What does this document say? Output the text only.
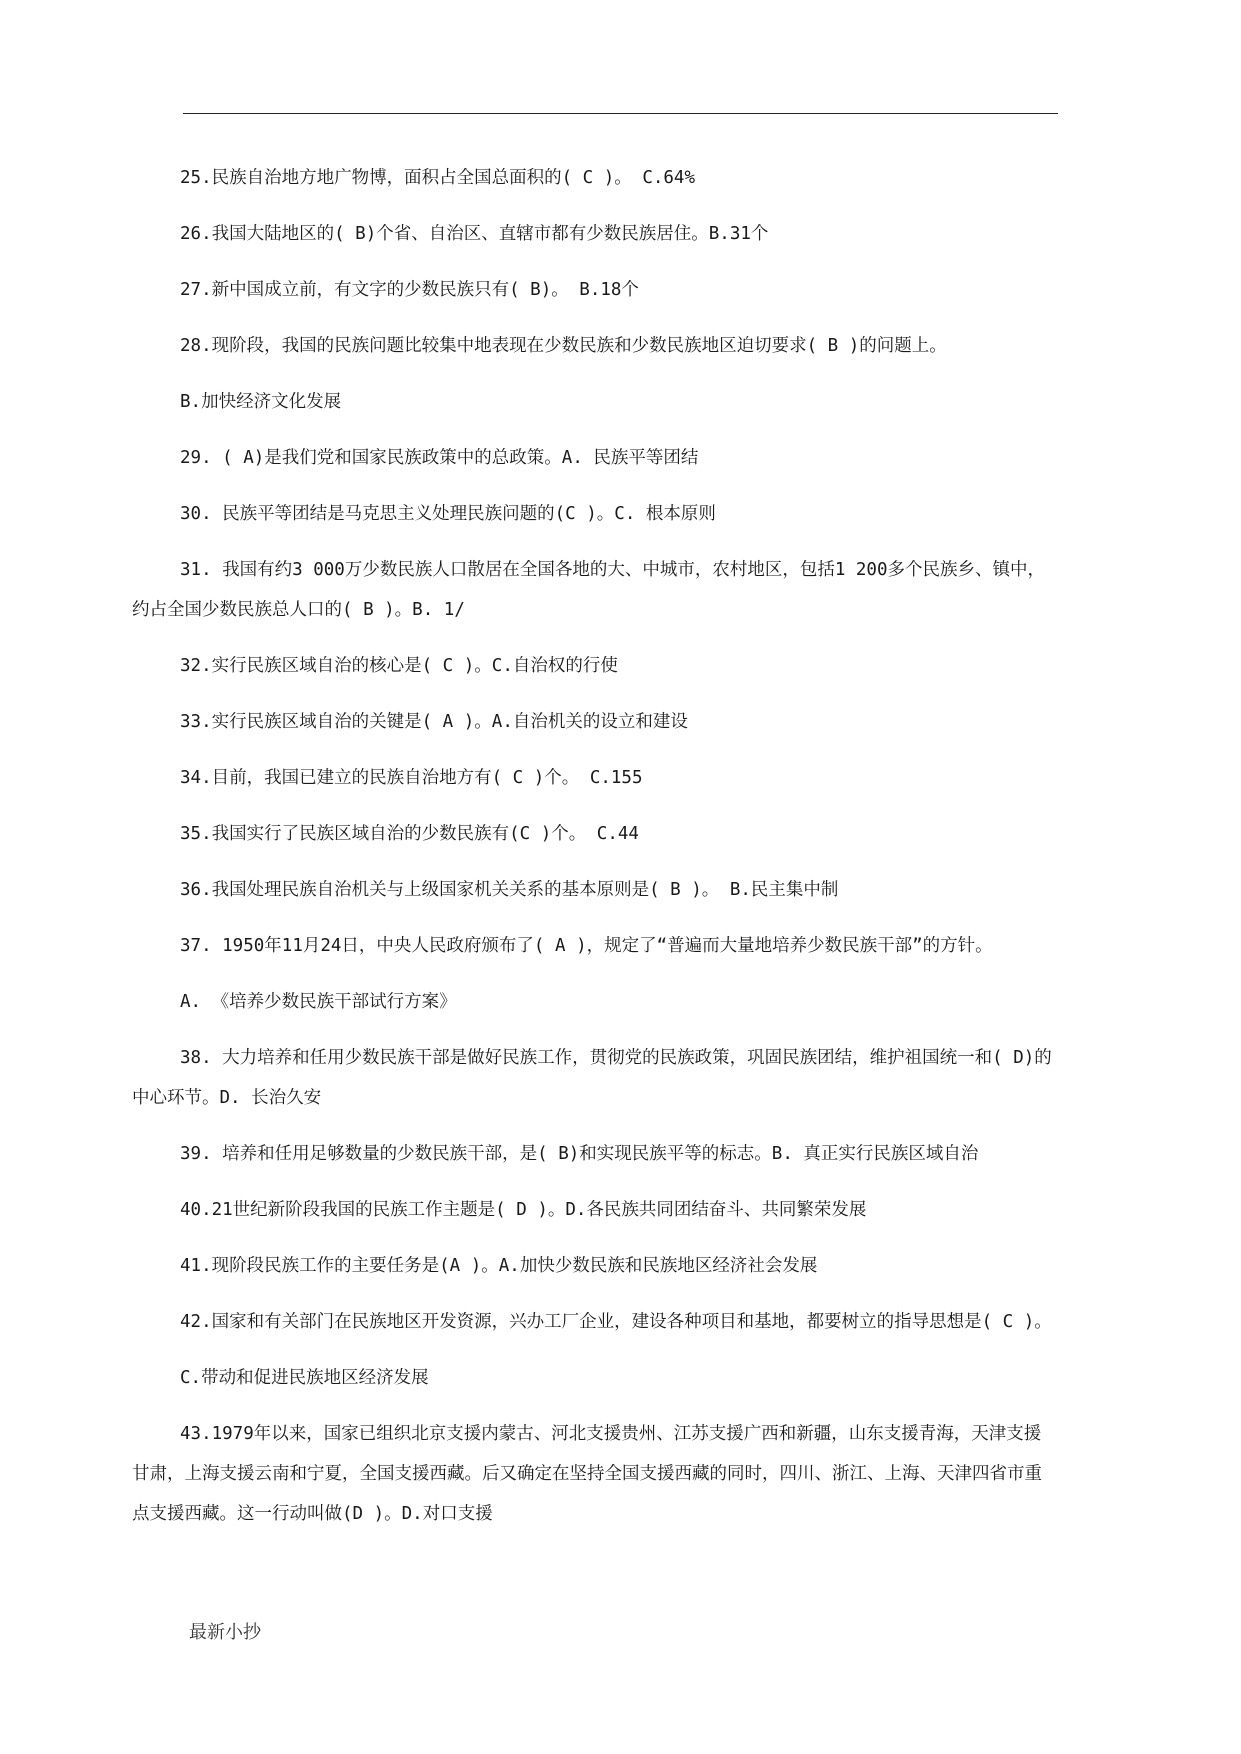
25.民族自治地方地广物博，面积占全国总面积的( C )。 C.64%

26.我国大陆地区的( B)个省、自治区、直辖市都有少数民族居住。B.31个

27.新中国成立前，有文字的少数民族只有( B)。 B.18个

28.现阶段，我国的民族问题比较集中地表现在少数民族和少数民族地区迫切要求( B )的问题上。

B.加快经济文化发展

29. ( A)是我们党和国家民族政策中的总政策。A. 民族平等团结

30. 民族平等团结是马克思主义处理民族问题的(C )。C. 根本原则

31. 我国有约3 000万少数民族人口散居在全国各地的大、中城市，农村地区，包括1 200多个民族乡、镇中，约占全国少数民族总人口的( B )。B. 1/

32.实行民族区域自治的核心是( C )。C.自治权的行使

33.实行民族区域自治的关键是( A )。A.自治机关的设立和建设

34.目前，我国已建立的民族自治地方有( C )个。 C.155

35.我国实行了民族区域自治的少数民族有(C )个。 C.44

36.我国处理民族自治机关与上级国家机关关系的基本原则是( B )。 B.民主集中制

37. 1950年11月24日，中央人民政府颁布了( A )，规定了“普遍而大量地培养少数民族干部”的方针。

A. 《培养少数民族干部试行方案》

38. 大力培养和任用少数民族干部是做好民族工作，贯彻党的民族政策，巩固民族团结，维护祖国统一和( D)的中心环节。D. 长治久安

39. 培养和任用足够数量的少数民族干部，是( B)和实现民族平等的标志。B. 真正实行民族区域自治

40.21世纪新阶段我国的民族工作主题是( D )。D.各民族共同团结奋斗、共同繁荣发展

41.现阶段民族工作的主要任务是(A )。A.加快少数民族和民族地区经济社会发展

42.国家和有关部门在民族地区开发资源，兴办工厂企业，建设各种项目和基地，都要树立的指导思想是( C )。

C.带动和促进民族地区经济发展

43.1979年以来，国家已组织北京支援内蒙古、河北支援贵州、江苏支援广西和新疆，山东支援青海，天津支援甘肃，上海支援云南和宁夏，全国支援西藏。后又确定在坚持全国支援西藏的同时，四川、浙江、上海、天津四省市重点支援西藏。这一行动叫做(D )。D.对口支援

最新小抄
